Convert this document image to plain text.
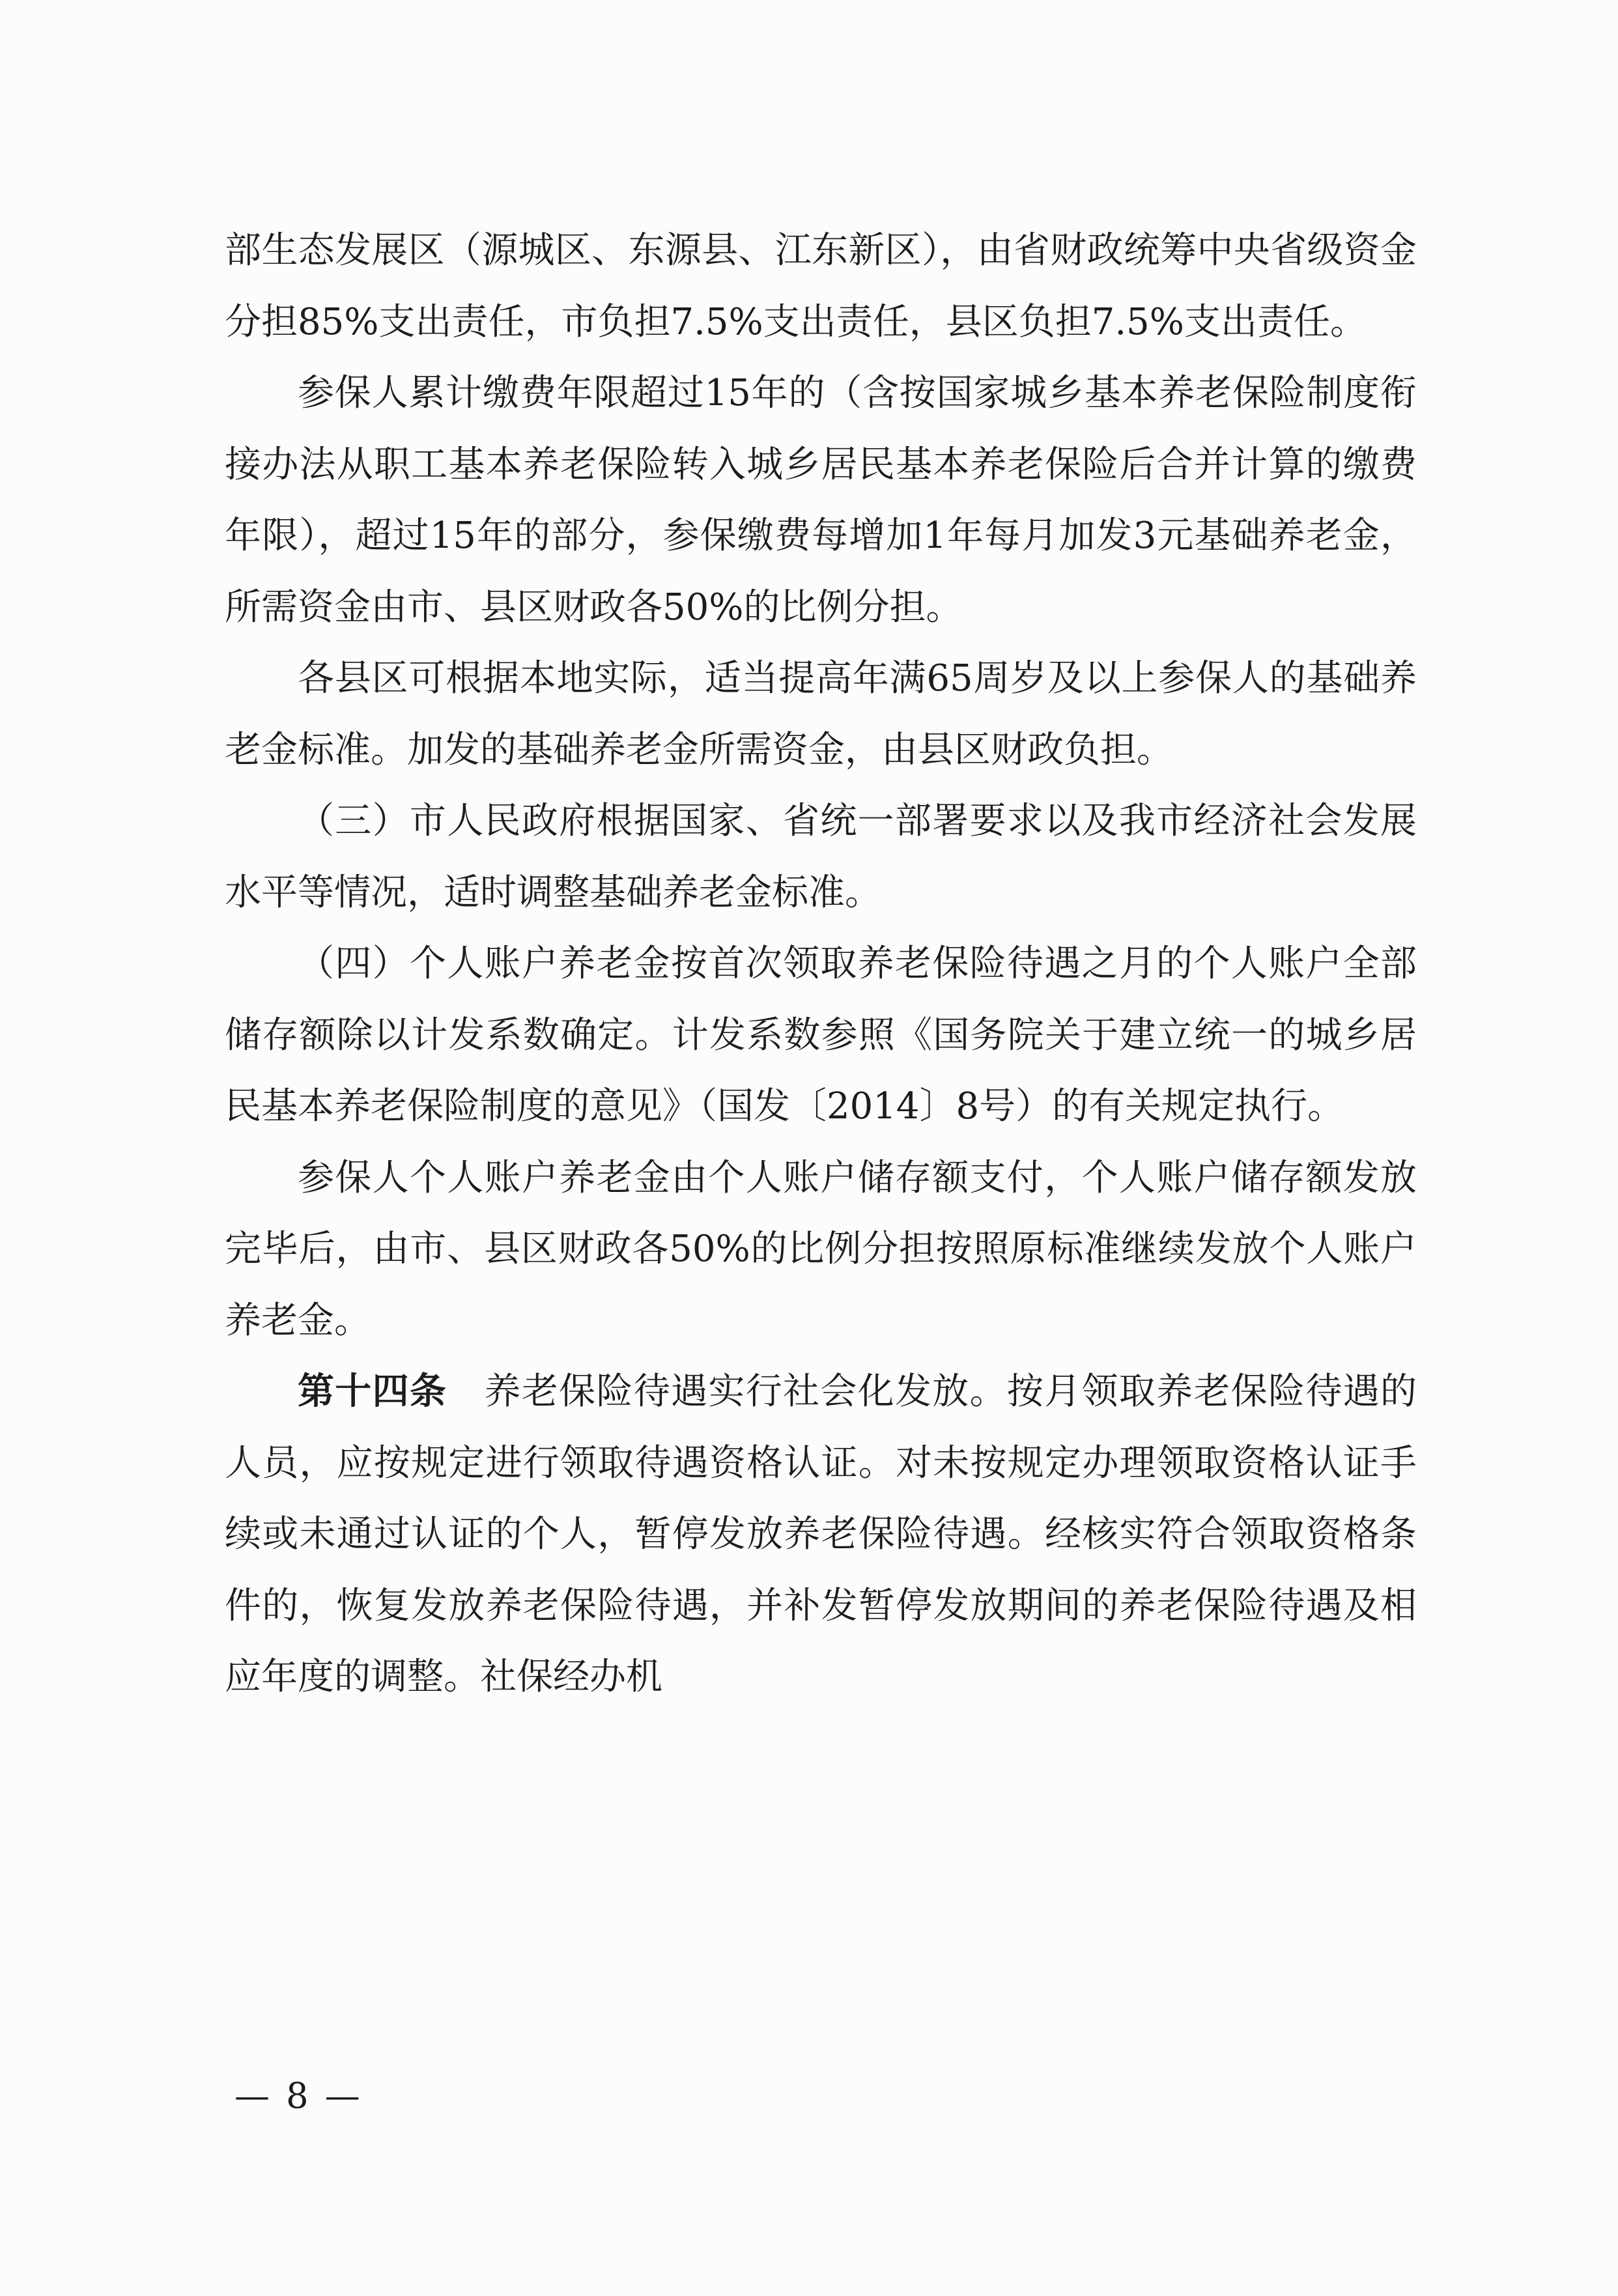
部生态发展区（源城区、东源县、江东新区），由省财政统筹中央省级资金分担85%支出责任，市负担7.5%支出责任，县区负担7.5%支出责任。

参保人累计缴费年限超过15年的（含按国家城乡基本养老保险制度衔接办法从职工基本养老保险转入城乡居民基本养老保险后合并计算的缴费年限），超过15年的部分，参保缴费每增加1年每月加发3元基础养老金，所需资金由市、县区财政各50%的比例分担。

各县区可根据本地实际，适当提高年满65周岁及以上参保人的基础养老金标准。加发的基础养老金所需资金，由县区财政负担。

（三）市人民政府根据国家、省统一部署要求以及我市经济社会发展水平等情况，适时调整基础养老金标准。

（四）个人账户养老金按首次领取养老保险待遇之月的个人账户全部储存额除以计发系数确定。计发系数参照《国务院关于建立统一的城乡居民基本养老保险制度的意见》（国发〔2014〕8号）的有关规定执行。

参保人个人账户养老金由个人账户储存额支付，个人账户储存额发放完毕后，由市、县区财政各50%的比例分担按照原标准继续发放个人账户养老金。

第十四条 养老保险待遇实行社会化发放。按月领取养老保险待遇的人员，应按规定进行领取待遇资格认证。对未按规定办理领取资格认证手续或未通过认证的个人，暂停发放养老保险待遇。经核实符合领取资格条件的，恢复发放养老保险待遇，并补发暂停发放期间的养老保险待遇及相应年度的调整。社保经办机

— 8 —
